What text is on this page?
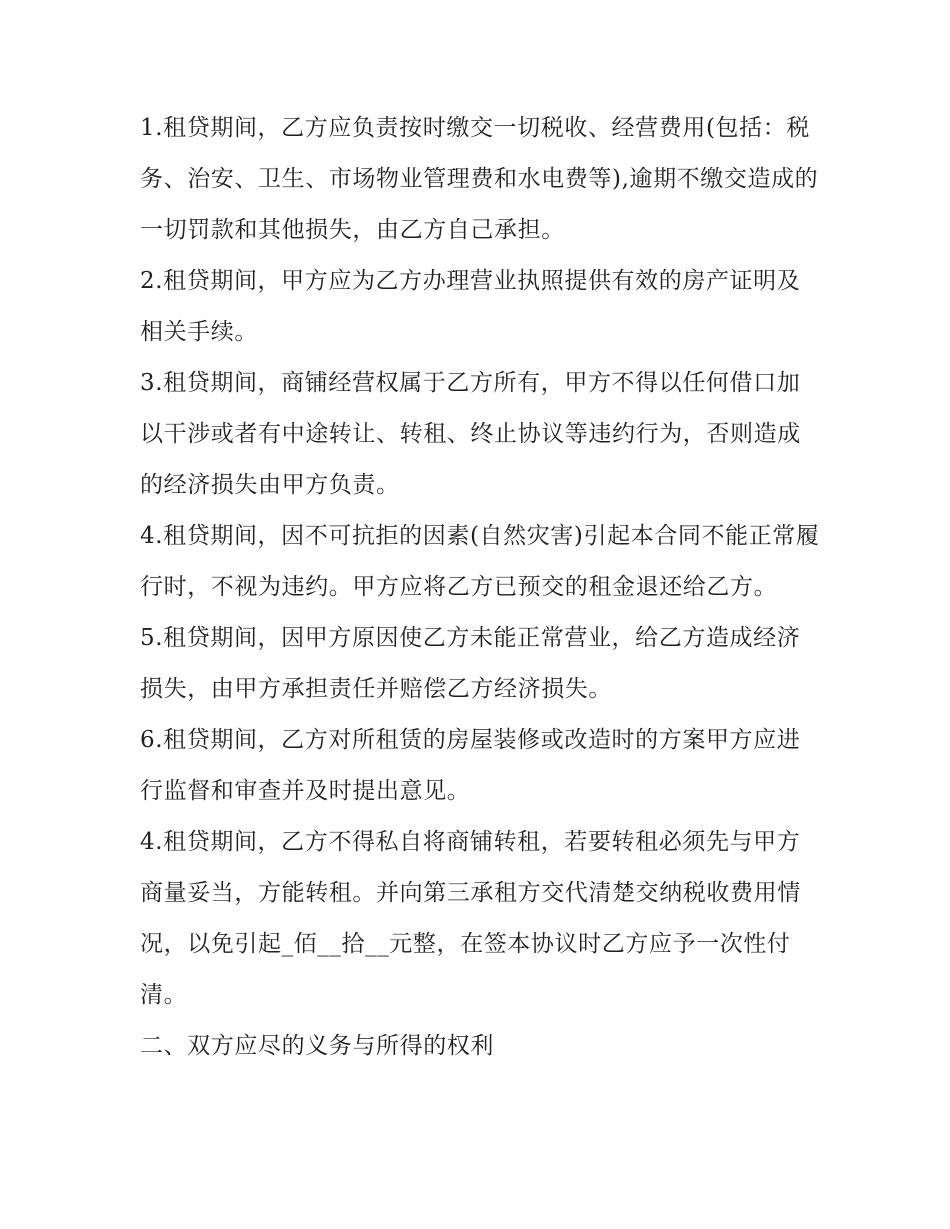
1.租贷期间，乙方应负责按时缴交一切税收、经营费用(包括：税务、治安、卫生、市场物业管理费和水电费等),逾期不缴交造成的一切罚款和其他损失，由乙方自己承担。

2.租贷期间，甲方应为乙方办理营业执照提供有效的房产证明及相关手续。

3.租贷期间，商铺经营权属于乙方所有，甲方不得以任何借口加以干涉或者有中途转让、转租、终止协议等违约行为，否则造成的经济损失由甲方负责。

4.租贷期间，因不可抗拒的因素(自然灾害)引起本合同不能正常履行时，不视为违约。甲方应将乙方已预交的租金退还给乙方。

5.租贷期间，因甲方原因使乙方未能正常营业，给乙方造成经济损失，由甲方承担责任并赔偿乙方经济损失。

6.租贷期间，乙方对所租赁的房屋装修或改造时的方案甲方应进行监督和审查并及时提出意见。

4.租贷期间，乙方不得私自将商铺转租，若要转租必须先与甲方商量妥当，方能转租。并向第三承租方交代清楚交纳税收费用情况，以免引起_佰__拾__元整，在签本协议时乙方应予一次性付清。

二、双方应尽的义务与所得的权利
